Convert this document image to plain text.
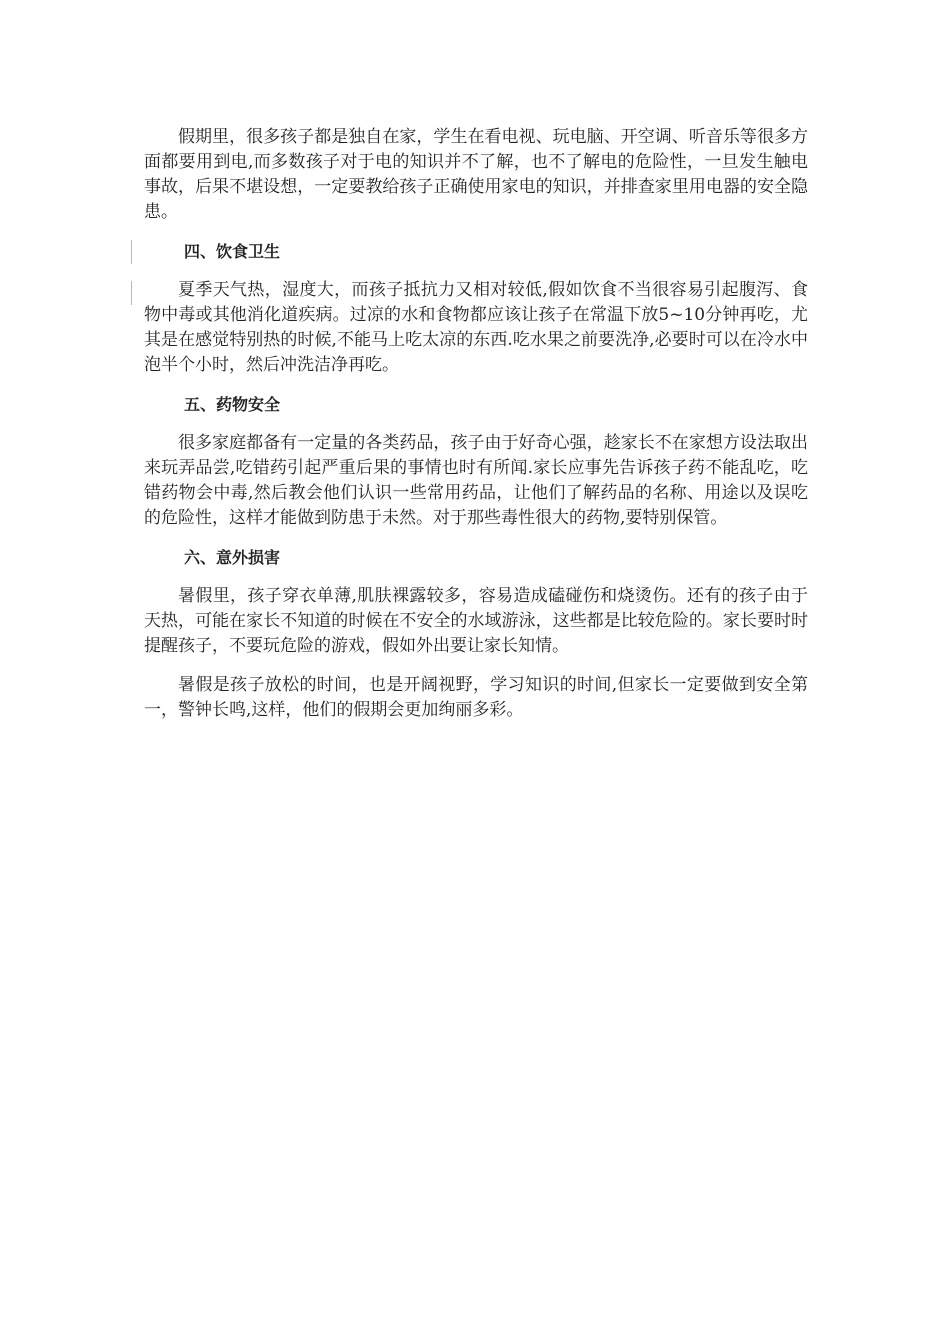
假期里，很多孩子都是独自在家，学生在看电视、玩电脑、开空调、听音乐等很多方面都要用到电,而多数孩子对于电的知识并不了解，也不了解电的危险性，一旦发生触电事故，后果不堪设想，一定要教给孩子正确使用家电的知识，并排查家里用电器的安全隐患。

四、饮食卫生

夏季天气热，湿度大，而孩子抵抗力又相对较低,假如饮食不当很容易引起腹泻、食物中毒或其他消化道疾病。过凉的水和食物都应该让孩子在常温下放5~10分钟再吃，尤其是在感觉特别热的时候,不能马上吃太凉的东西.吃水果之前要洗净,必要时可以在冷水中泡半个小时，然后冲洗洁净再吃。

五、药物安全

很多家庭都备有一定量的各类药品，孩子由于好奇心强，趁家长不在家想方设法取出来玩弄品尝,吃错药引起严重后果的事情也时有所闻.家长应事先告诉孩子药不能乱吃，吃错药物会中毒,然后教会他们认识一些常用药品，让他们了解药品的名称、用途以及误吃的危险性，这样才能做到防患于未然。对于那些毒性很大的药物,要特别保管。

六、意外损害

暑假里，孩子穿衣单薄,肌肤裸露较多，容易造成磕碰伤和烧烫伤。还有的孩子由于天热，可能在家长不知道的时候在不安全的水域游泳，这些都是比较危险的。家长要时时提醒孩子，不要玩危险的游戏，假如外出要让家长知情。

暑假是孩子放松的时间，也是开阔视野，学习知识的时间,但家长一定要做到安全第一，警钟长鸣,这样，他们的假期会更加绚丽多彩。
